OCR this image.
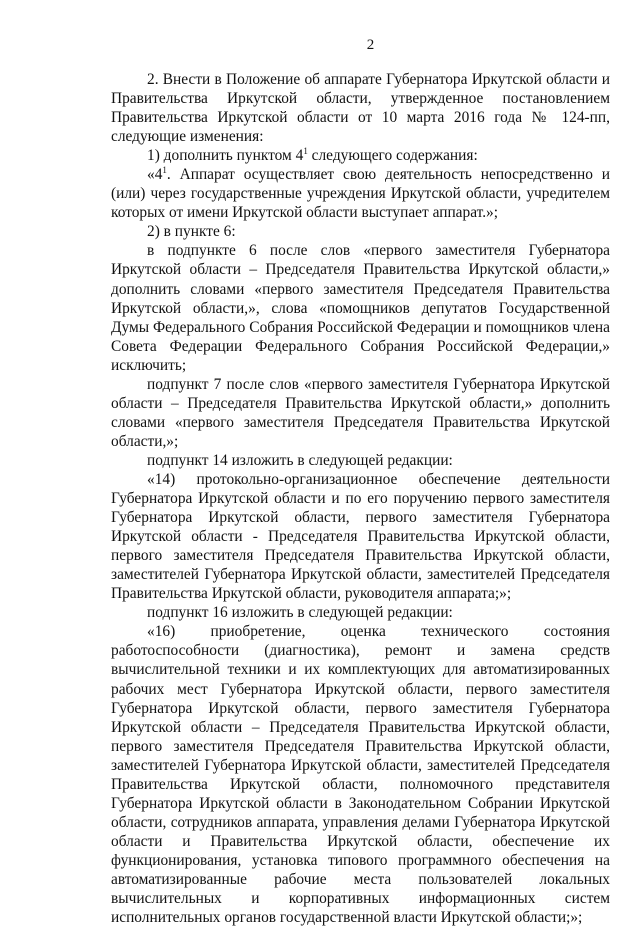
2

2. Внести в Положение об аппарате Губернатора Иркутской области и Правительства Иркутской области, утвержденное постановлением Правительства Иркутской области от 10 марта 2016 года № 124-пп, следующие изменения:

1) дополнить пунктом $4^1$ следующего содержания:

«$4^1$. Аппарат осуществляет свою деятельность непосредственно и (или) через государственные учреждения Иркутской области, учредителем которых от имени Иркутской области выступает аппарат.»;

2) в пункте 6:

в подпункте 6 после слов «первого заместителя Губернатора Иркутской области – Председателя Правительства Иркутской области,» дополнить словами «первого заместителя Председателя Правительства Иркутской области,», слова «помощников депутатов Государственной Думы Федерального Собрания Российской Федерации и помощников члена Совета Федерации Федерального Собрания Российской Федерации,» исключить;

подпункт 7 после слов «первого заместителя Губернатора Иркутской области – Председателя Правительства Иркутской области,» дополнить словами «первого заместителя Председателя Правительства Иркутской области,»;

подпункт 14 изложить в следующей редакции:

«14) протокольно-организационное обеспечение деятельности Губернатора Иркутской области и по его поручению первого заместителя Губернатора Иркутской области, первого заместителя Губернатора Иркутской области - Председателя Правительства Иркутской области, первого заместителя Председателя Правительства Иркутской области, заместителей Губернатора Иркутской области, заместителей Председателя Правительства Иркутской области, руководителя аппарата;»;

подпункт 16 изложить в следующей редакции:

«16) приобретение, оценка технического состояния работоспособности (диагностика), ремонт и замена средств вычислительной техники и их комплектующих для автоматизированных рабочих мест Губернатора Иркутской области, первого заместителя Губернатора Иркутской области, первого заместителя Губернатора Иркутской области – Председателя Правительства Иркутской области, первого заместителя Председателя Правительства Иркутской области, заместителей Губернатора Иркутской области, заместителей Председателя Правительства Иркутской области, полномочного представителя Губернатора Иркутской области в Законодательном Собрании Иркутской области, сотрудников аппарата, управления делами Губернатора Иркутской области и Правительства Иркутской области, обеспечение их функционирования, установка типового программного обеспечения на автоматизированные рабочие места пользователей локальных вычислительных и корпоративных информационных систем исполнительных органов государственной власти Иркутской области;»;
